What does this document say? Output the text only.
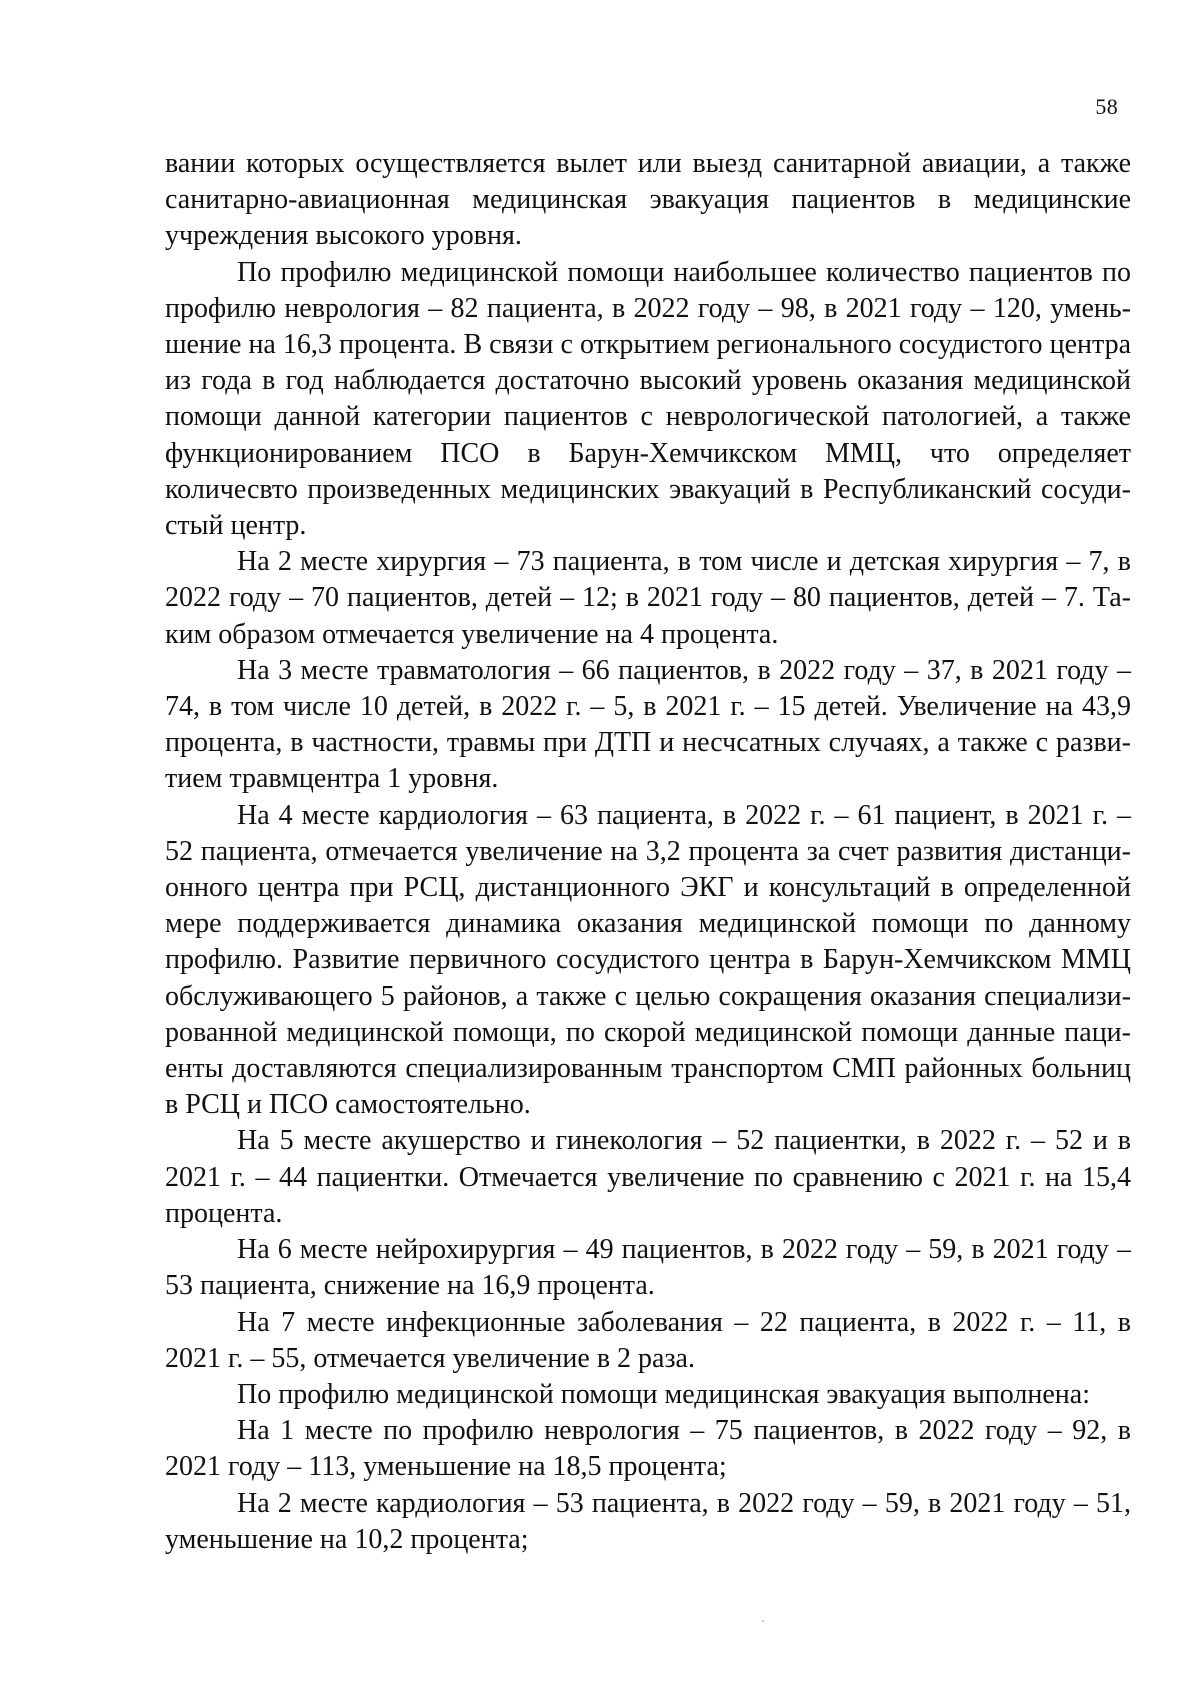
58

вании которых осуществляется вылет или выезд санитарной авиации, а также санитарно-авиационная медицинская эвакуация пациентов в медицинские учреждения высокого уровня.

По профилю медицинской помощи наибольшее количество пациентов по профилю неврология – 82 пациента, в 2022 году – 98, в 2021 году – 120, уменьшение на 16,3 процента. В связи с открытием регионального сосудистого центра из года в год наблюдается достаточно высокий уровень оказания медицинской помощи данной категории пациентов с неврологической патологией, а также функционированием ПСО в Барун-Хемчикском ММЦ, что определяет количесвто произведенных медицинских эвакуаций в Республиканский сосудистый центр.

На 2 месте хирургия – 73 пациента, в том числе и детская хирургия – 7, в 2022 году – 70 пациентов, детей – 12; в 2021 году – 80 пациентов, детей – 7. Таким образом отмечается увеличение на 4 процента.

На 3 месте травматология – 66 пациентов, в 2022 году – 37, в 2021 году – 74, в том числе 10 детей, в 2022 г. – 5, в 2021 г. – 15 детей. Увеличение на 43,9 процента, в частности, травмы при ДТП и несчсатных случаях, а также с развитием травмцентра 1 уровня.

На 4 месте кардиология – 63 пациента, в 2022 г. – 61 пациент, в 2021 г. – 52 пациента, отмечается увеличение на 3,2 процента за счет развития дистанционного центра при РСЦ, дистанционного ЭКГ и консультаций в определенной мере поддерживается динамика оказания медицинской помощи по данному профилю. Развитие первичного сосудистого центра в Барун-Хемчикском ММЦ обслуживающего 5 районов, а также с целью сокращения оказания специализированной медицинской помощи, по скорой медицинской помощи данные пациенты доставляются специализированным транспортом СМП районных больниц в РСЦ и ПСО самостоятельно.

На 5 месте акушерство и гинекология – 52 пациентки, в 2022 г. – 52 и в 2021 г. – 44 пациентки. Отмечается увеличение по сравнению с 2021 г. на 15,4 процента.

На 6 месте нейрохирургия – 49 пациентов, в 2022 году – 59, в 2021 году – 53 пациента, снижение на 16,9 процента.

На 7 месте инфекционные заболевания – 22 пациента, в 2022 г. – 11, в 2021 г. – 55, отмечается увеличение в 2 раза.

По профилю медицинской помощи медицинская эвакуация выполнена:

На 1 месте по профилю неврология – 75 пациентов, в 2022 году – 92, в 2021 году – 113, уменьшение на 18,5 процента;

На 2 месте кардиология – 53 пациента, в 2022 году – 59, в 2021 году – 51, уменьшение на 10,2 процента;
